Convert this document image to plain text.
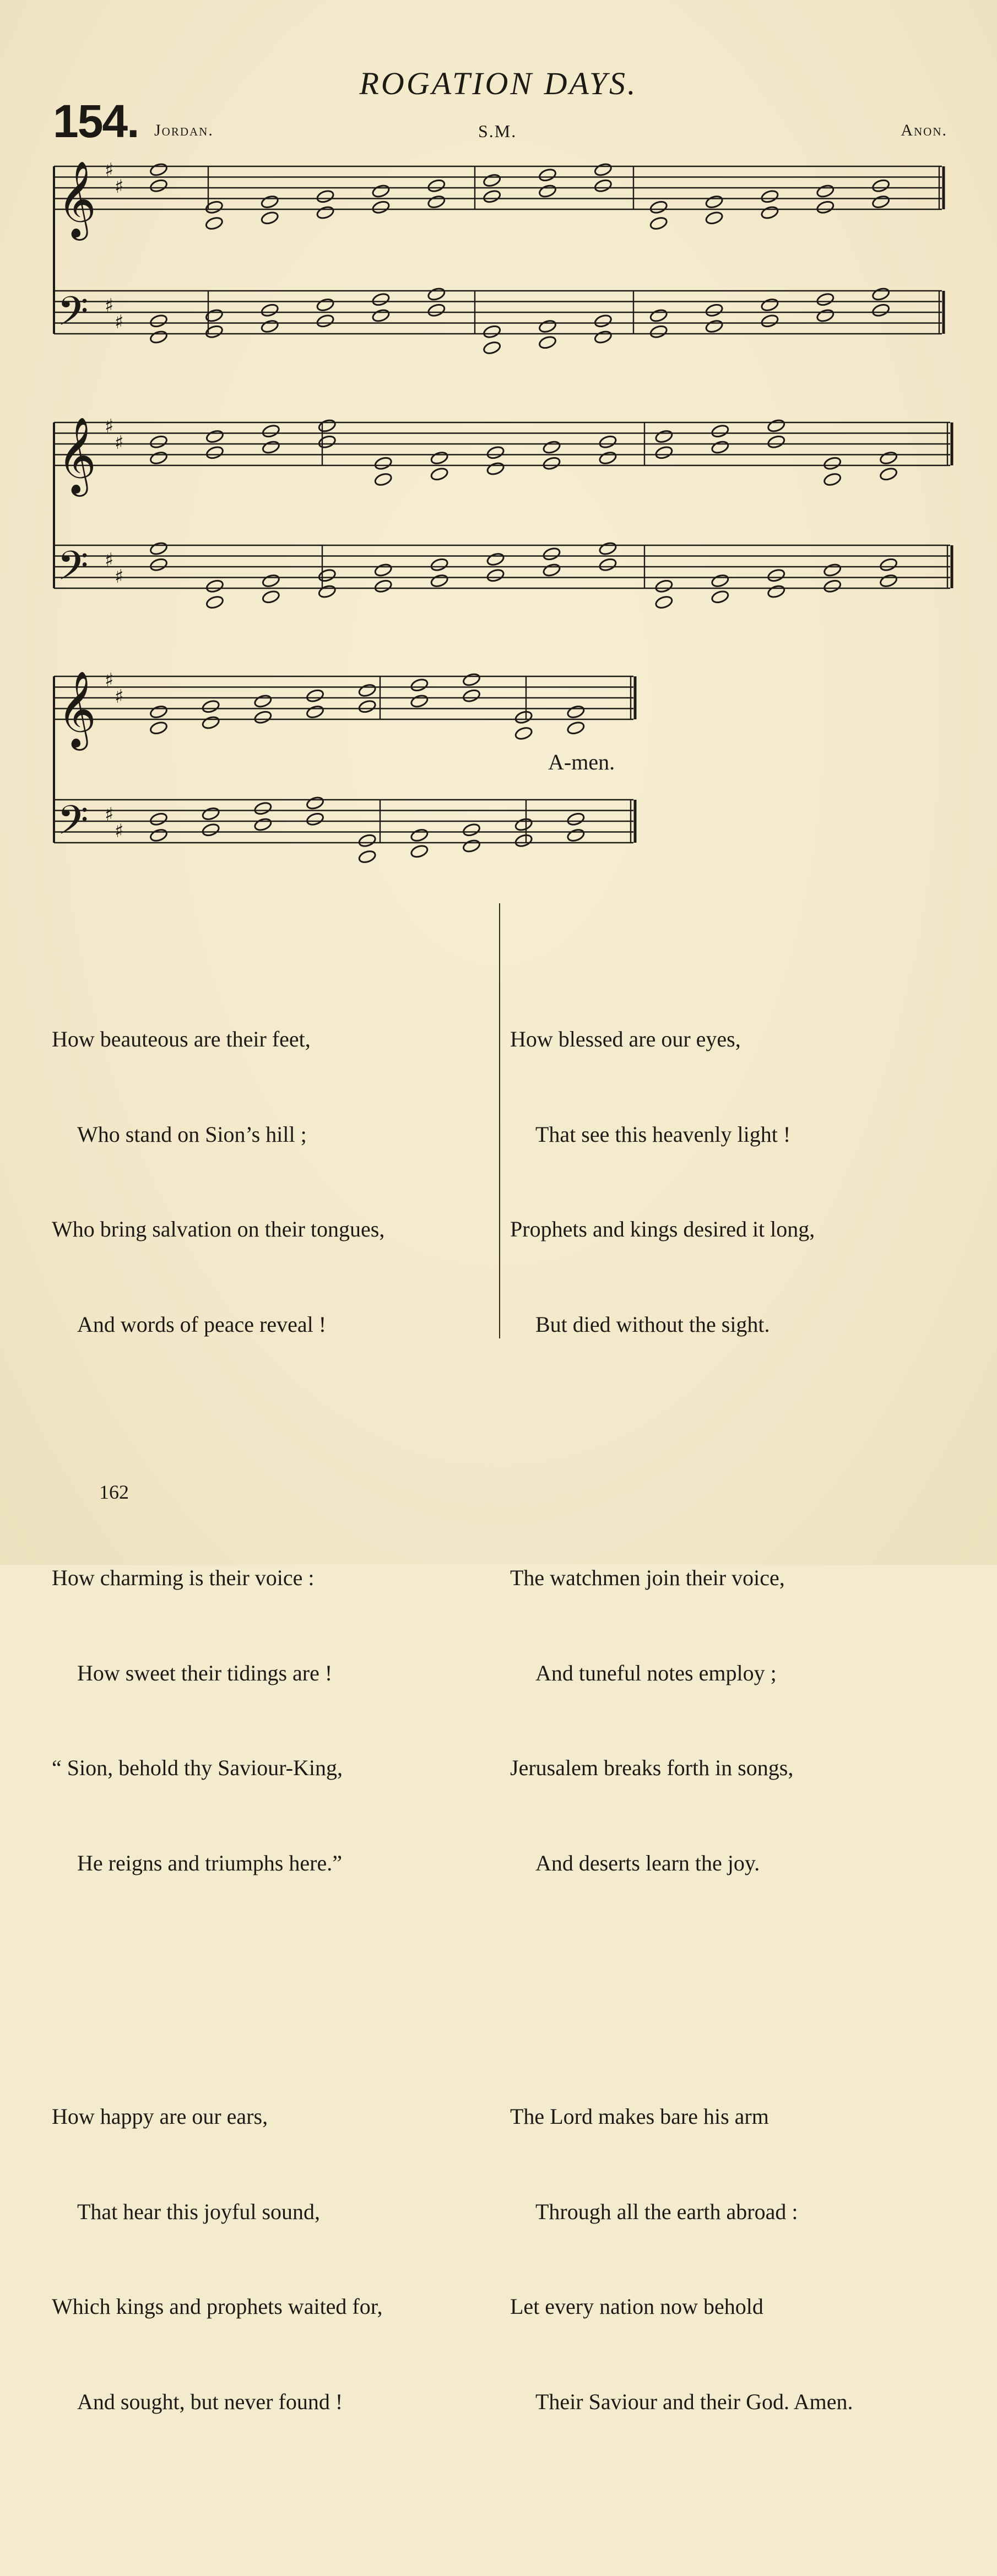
ROGATION DAYS.
154. Jordan.	S.M.	Anon.
𝄞 ♯
♯
𝄢 ♯
♯
𝄞 ♯
♯
𝄢 ♯
♯
𝄞 ♯
♯
𝄢 ♯
♯
A-men.

How beauteous are their feet,

Who stand on Sion’s hill ;

Who bring salvation on their tongues,

And words of peace reveal !

How charming is their voice :

How sweet their tidings are !

“ Sion, behold thy Saviour-King,

He reigns and triumphs here.”

How happy are our ears,

That hear this joyful sound,

Which kings and prophets waited for,

And sought, but never found !

How blessed are our eyes,

That see this heavenly light !

Prophets and kings desired it long,

But died without the sight.

The watchmen join their voice,

And tuneful notes employ ;

Jerusalem breaks forth in songs,

And deserts learn the joy.

The Lord makes bare his arm

Through all the earth abroad :

Let every nation now behold

Their Saviour and their God. Amen.

162
